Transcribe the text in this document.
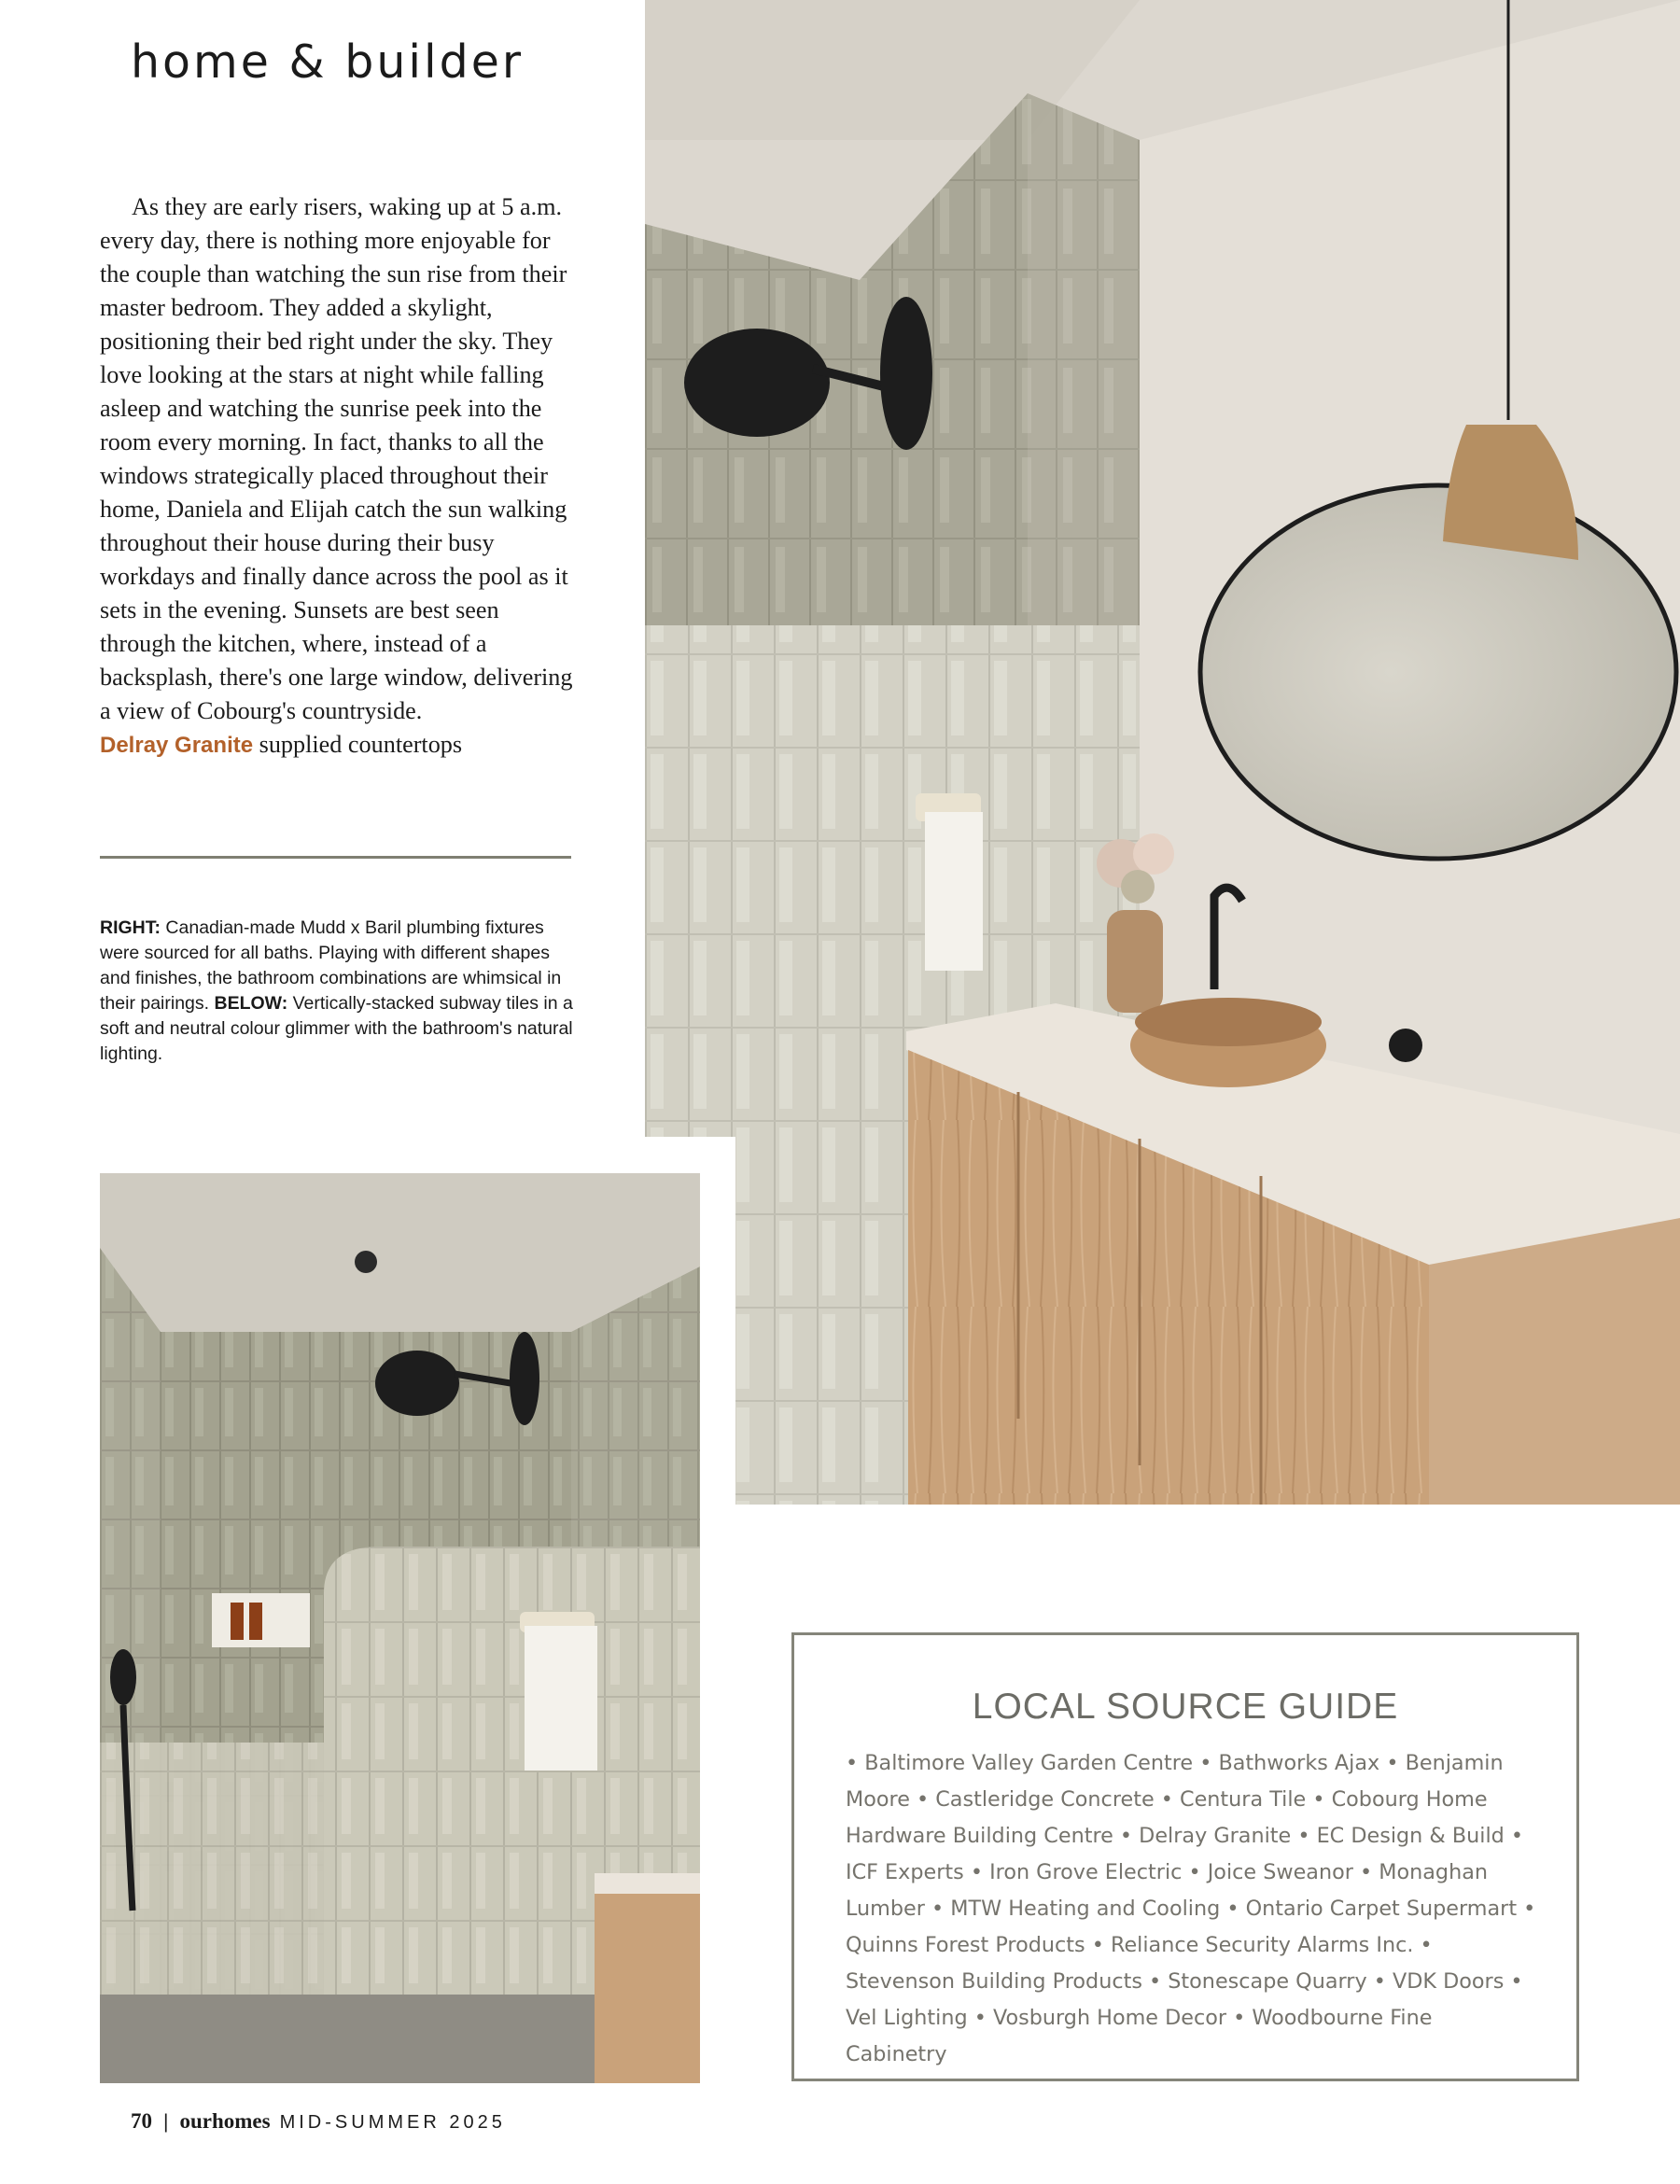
home & builder

As they are early risers, waking up at 5 a.m. every day, there is nothing more enjoyable for the couple than watching the sun rise from their master bedroom. They added a skylight, positioning their bed right under the sky. They love looking at the stars at night while falling asleep and watching the sunrise peek into the room every morning. In fact, thanks to all the windows strategically placed throughout their home, Daniela and Elijah catch the sun walking throughout their house during their busy workdays and finally dance across the pool as it sets in the evening. Sunsets are best seen through the kitchen, where, instead of a backsplash, there's one large window, delivering a view of Cobourg's countryside.
Delray Granite supplied countertops

RIGHT: Canadian-made Mudd x Baril plumbing fixtures were sourced for all baths. Playing with different shapes and finishes, the bathroom combinations are whimsical in their pairings. BELOW: Vertically-stacked subway tiles in a soft and neutral colour glimmer with the bathroom's natural lighting.

LOCAL SOURCE GUIDE

• Baltimore Valley Garden Centre • Bathworks Ajax • Benjamin Moore • Castleridge Concrete • Centura Tile • Cobourg Home Hardware Building Centre • Delray Granite • EC Design & Build • ICF Experts • Iron Grove Electric • Joice Sweanor • Monaghan Lumber • MTW Heating and Cooling • Ontario Carpet Supermart • Quinns Forest Products • Reliance Security Alarms Inc. • Stevenson Building Products • Stonescape Quarry • VDK Doors • Vel Lighting • Vosburgh Home Decor • Woodbourne Fine Cabinetry

70 | ourhomes MID-SUMMER 2025
